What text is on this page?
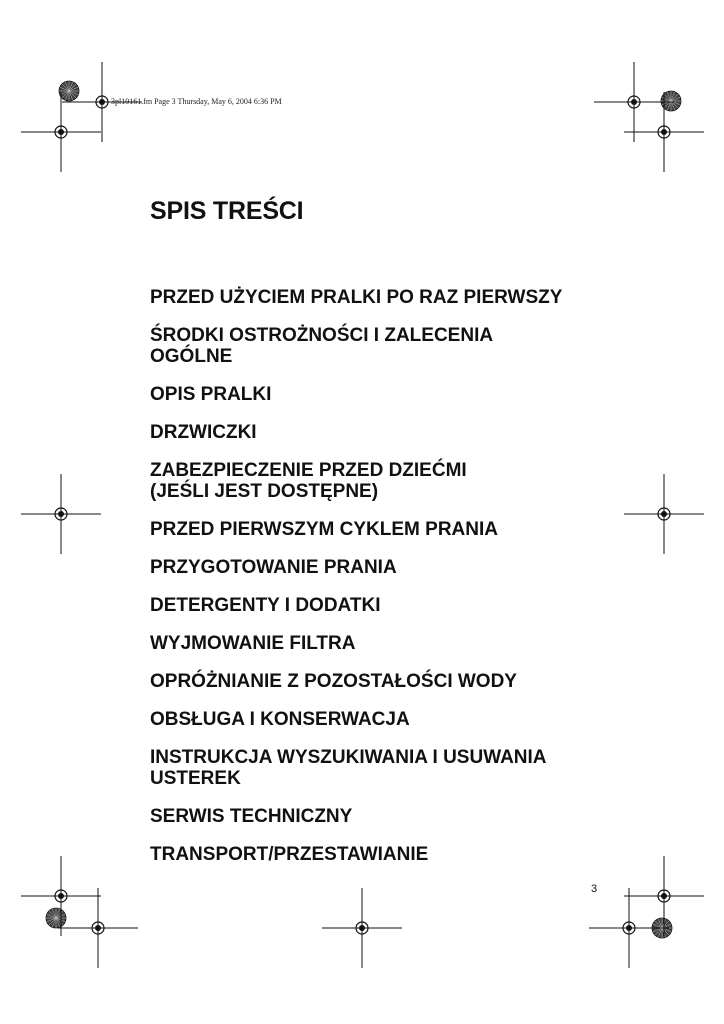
3pl10161.fm Page 3 Thursday, May 6, 2004 6:36 PM
SPIS TREŚCI
PRZED UŻYCIEM PRALKI PO RAZ PIERWSZY
ŚRODKI OSTROŻNOŚCI I ZALECENIA
OGÓLNE
OPIS PRALKI
DRZWICZKI
ZABEZPIECZENIE PRZED DZIEĆMI
(JEŚLI JEST DOSTĘPNE)
PRZED PIERWSZYM CYKLEM PRANIA
PRZYGOTOWANIE PRANIA
DETERGENTY I DODATKI
WYJMOWANIE FILTRA
OPRÓŻNIANIE Z POZOSTAŁOŚCI WODY
OBSŁUGA I KONSERWACJA
INSTRUKCJA WYSZUKIWANIA I USUWANIA
USTEREK
SERWIS TECHNICZNY
TRANSPORT/PRZESTAWIANIE
3
